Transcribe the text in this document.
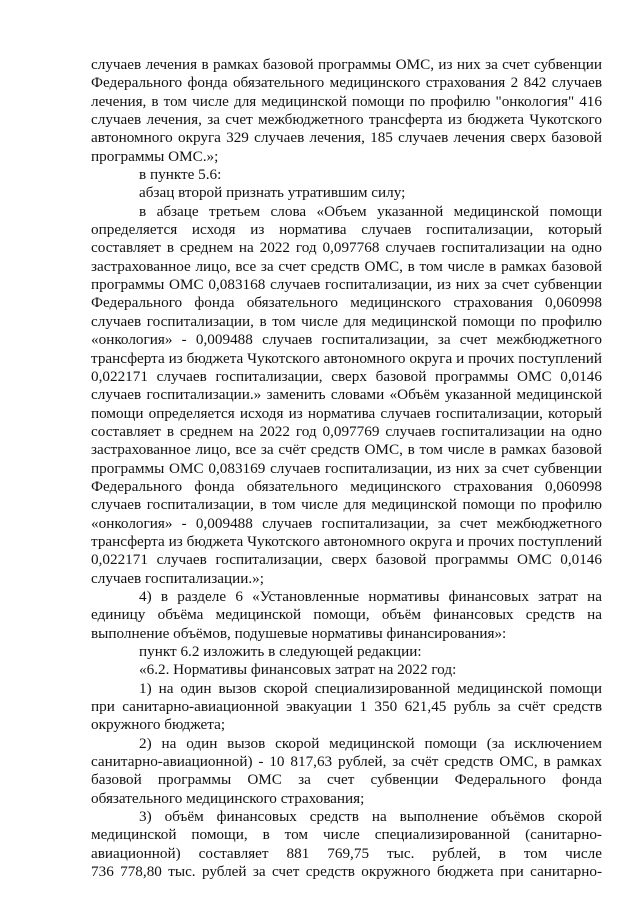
случаев лечения в рамках базовой программы ОМС, из них за счет субвенции
Федерального фонда обязательного медицинского страхования 2 842 случаев
лечения, в том числе для медицинской помощи по профилю "онкология" 416
случаев лечения, за счет межбюджетного трансферта из бюджета Чукотского
автономного округа 329 случаев лечения, 185 случаев лечения сверх базовой
программы ОМС.»;
в пункте 5.6:
абзац второй признать утратившим силу;
в абзаце третьем слова «Объем указанной медицинской помощи
определяется исходя из норматива случаев госпитализации, который
составляет в среднем на 2022 год 0,097768 случаев госпитализации на одно
застрахованное лицо, все за счет средств ОМС, в том числе в рамках базовой
программы ОМС 0,083168 случаев госпитализации, из них за счет субвенции
Федерального фонда обязательного медицинского страхования 0,060998
случаев госпитализации, в том числе для медицинской помощи по профилю
«онкология» - 0,009488 случаев госпитализации, за счет межбюджетного
трансферта из бюджета Чукотского автономного округа и прочих поступлений
0,022171 случаев госпитализации, сверх базовой программы ОМС 0,0146
случаев госпитализации.» заменить словами «Объём указанной медицинской
помощи определяется исходя из норматива случаев госпитализации, который
составляет в среднем на 2022 год 0,097769 случаев госпитализации на одно
застрахованное лицо, все за счёт средств ОМС, в том числе в рамках базовой
программы ОМС 0,083169 случаев госпитализации, из них за счет субвенции
Федерального фонда обязательного медицинского страхования 0,060998
случаев госпитализации, в том числе для медицинской помощи по профилю
«онкология» - 0,009488 случаев госпитализации, за счет межбюджетного
трансферта из бюджета Чукотского автономного округа и прочих поступлений
0,022171 случаев госпитализации, сверх базовой программы ОМС 0,0146
случаев госпитализации.»;
4) в разделе 6 «Установленные нормативы финансовых затрат на
единицу объёма медицинской помощи, объём финансовых средств на
выполнение объёмов, подушевые нормативы финансирования»:
пункт 6.2 изложить в следующей редакции:
«6.2. Нормативы финансовых затрат на 2022 год:
1) на один вызов скорой специализированной медицинской помощи
при санитарно-авиационной эвакуации 1 350 621,45 рубль за счёт средств
окружного бюджета;
2) на один вызов скорой медицинской помощи (за исключением
санитарно-авиационной) - 10 817,63 рублей, за счёт средств ОМС, в рамках
базовой программы ОМС за счет субвенции Федерального фонда
обязательного медицинского страхования;
3) объём финансовых средств на выполнение объёмов скорой
медицинской помощи, в том числе специализированной (санитарно-
авиационной) составляет 881 769,75 тыс. рублей, в том числе
736 778,80 тыс. рублей за счет средств окружного бюджета при санитарно-
